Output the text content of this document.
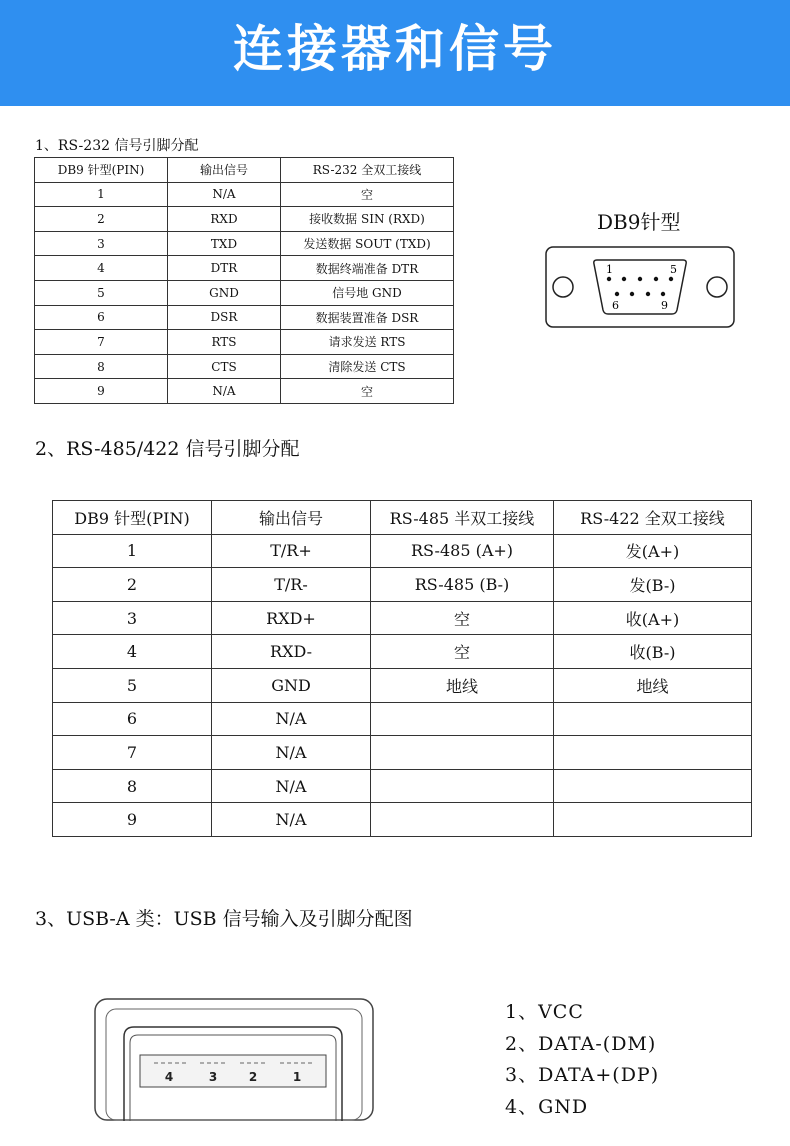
连接器和信号
1、RS-232 信号引脚分配
DB9 针型(PIN)	输出信号	RS-232 全双工接线
1	N/A	空
2	RXD	接收数据 SIN (RXD)
3	TXD	发送数据 SOUT (TXD)
4	DTR	数据终端准备 DTR
5	GND	信号地 GND
6	DSR	数据装置准备 DSR
7	RTS	请求发送 RTS
8	CTS	清除发送 CTS
9	N/A	空
DB9针型
1	5
6	9
2、RS-485/422 信号引脚分配
DB9 针型(PIN)	输出信号	RS-485 半双工接线	RS-422 全双工接线
1	T/R+	RS-485 (A+)	发(A+)
2	T/R-	RS-485 (B-)	发(B-)
3	RXD+	空	收(A+)
4	RXD-	空	收(B-)
5	GND	地线	地线
6	N/A		
7	N/A		
8	N/A		
9	N/A		
3、USB-A 类：USB 信号输入及引脚分配图
4	3	2	1
1、VCC
2、DATA-(DM)
3、DATA+(DP)
4、GND
